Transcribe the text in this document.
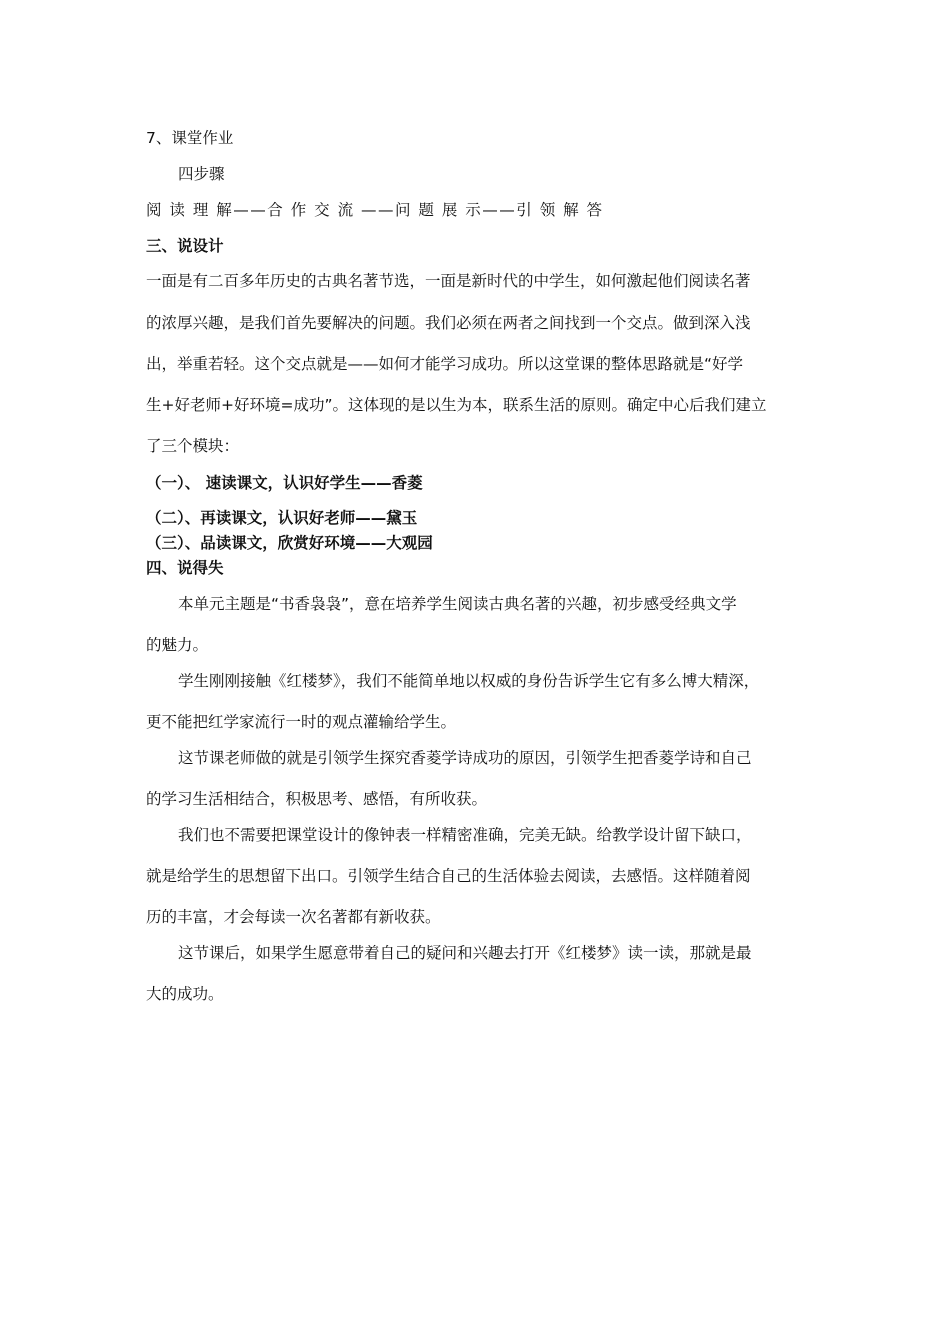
7、课堂作业
四步骤
阅 读 理 解——合 作 交 流 ——问 题 展 示——引 领 解 答
三、说设计
一面是有二百多年历史的古典名著节选，一面是新时代的中学生，如何激起他们阅读名著
的浓厚兴趣，是我们首先要解决的问题。我们必须在两者之间找到一个交点。做到深入浅
出，举重若轻。这个交点就是——如何才能学习成功。所以这堂课的整体思路就是“好学
生+好老师+好环境=成功”。这体现的是以生为本，联系生活的原则。确定中心后我们建立
了三个模块：
（一）、 速读课文，认识好学生——香菱
（二）、再读课文，认识好老师——黛玉
（三）、品读课文，欣赏好环境——大观园
四、说得失
本单元主题是“书香袅袅”，意在培养学生阅读古典名著的兴趣，初步感受经典文学
的魅力。
学生刚刚接触《红楼梦》，我们不能简单地以权威的身份告诉学生它有多么博大精深，
更不能把红学家流行一时的观点灌输给学生。
这节课老师做的就是引领学生探究香菱学诗成功的原因，引领学生把香菱学诗和自己
的学习生活相结合，积极思考、感悟，有所收获。
我们也不需要把课堂设计的像钟表一样精密准确，完美无缺。给教学设计留下缺口，
就是给学生的思想留下出口。引领学生结合自己的生活体验去阅读，去感悟。这样随着阅
历的丰富，才会每读一次名著都有新收获。
这节课后，如果学生愿意带着自己的疑问和兴趣去打开《红楼梦》读一读，那就是最
大的成功。
